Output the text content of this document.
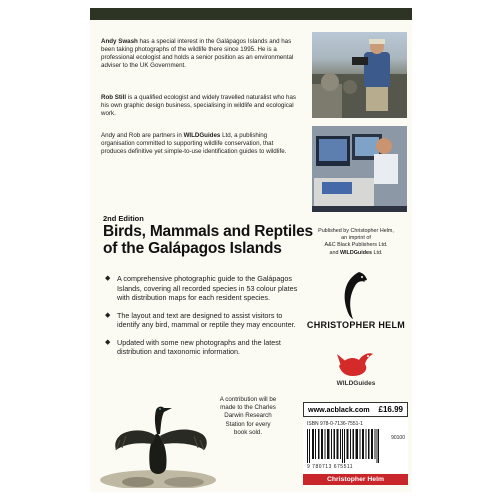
Andy Swash has a special interest in the Galápagos Islands and has been taking photographs of the wildlife there since 1995. He is a professional ecologist and holds a senior position as an environmental adviser to the UK Government.
Rob Still is a qualified ecologist and widely travelled naturalist who has his own graphic design business, specialising in wildlife and ecological work.
Andy and Rob are partners in WILDGuides Ltd, a publishing organisation committed to supporting wildlife conservation, that produces definitive yet simple-to-use identification guides to wildlife.
2nd Edition
Birds, Mammals and Reptiles of the Galápagos Islands
◆ A comprehensive photographic guide to the Galápagos Islands, covering all recorded species in 53 colour plates with distribution maps for each resident species.
◆ The layout and text are designed to assist visitors to identify any bird, mammal or reptile they may encounter.
◆ Updated with some new photographs and the latest distribution and taxonomic information.
Published by Christopher Helm,
an imprint of
A&C Black Publishers Ltd.
and WILDGuides Ltd.
CHRISTOPHER HELM
WILDGuides
A contribution will be made to the Charles Darwin Research Station for every book sold.
www.acblack.com £16.99
ISBN 978-0-7136-7551-1
90100
9 780713 675511
Christopher Helm
